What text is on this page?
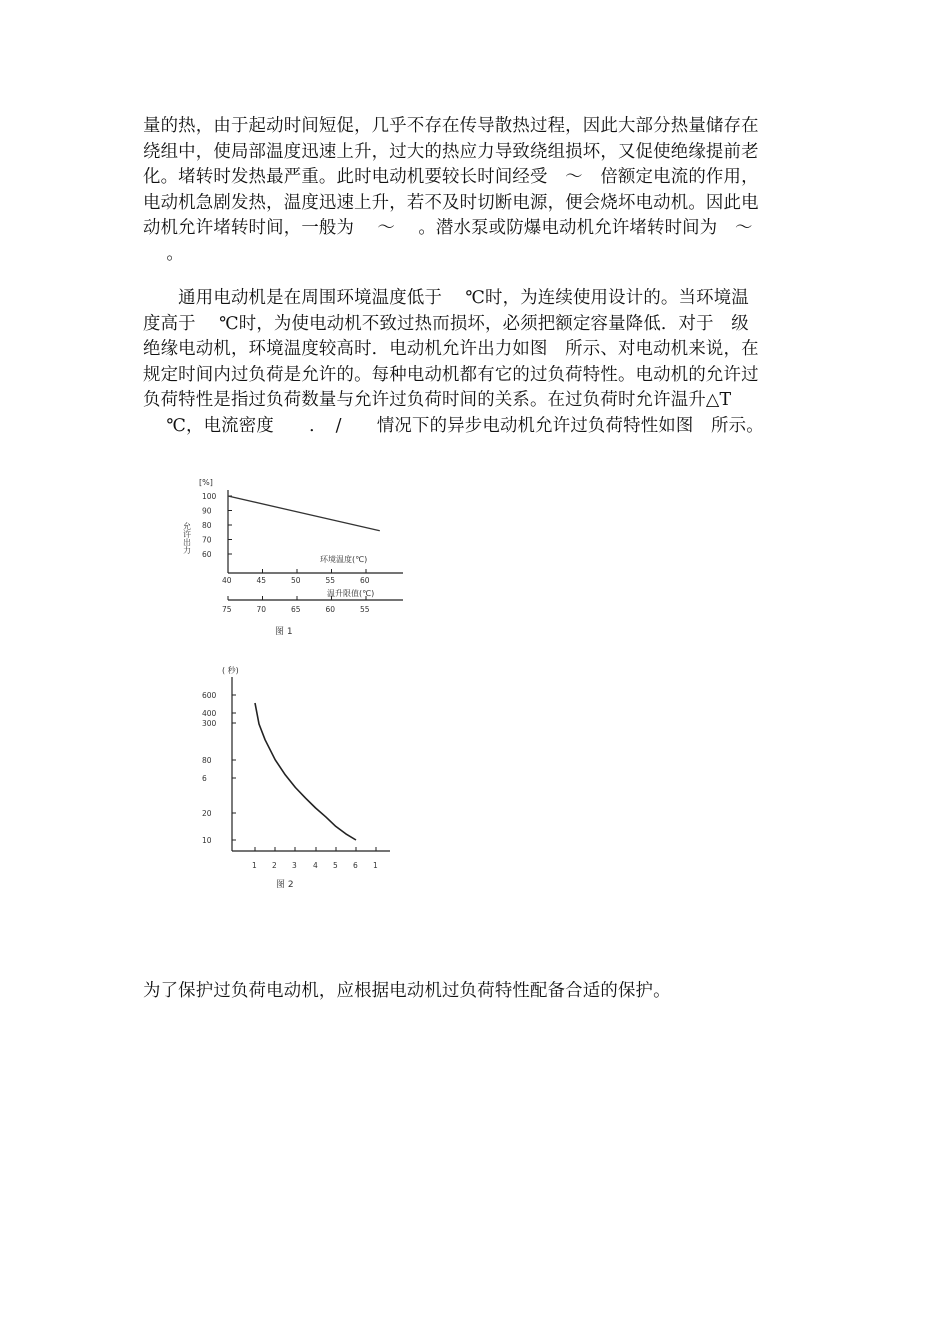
量的热，由于起动时间短促，几乎不存在传导散热过程，因此大部分热量储存在
绕组中，使局部温度迅速上升，过大的热应力导致绕组损坏，又促使绝缘提前老
化。堵转时发热最严重。此时电动机要较长时间经受　～　倍额定电流的作用，
电动机急剧发热，温度迅速上升，若不及时切断电源，便会烧坏电动机。因此电
动机允许堵转时间，一般为　 ～　 。潜水泵或防爆电动机允许堵转时间为　～
　 。
　　通用电动机是在周围环境温度低于　 ℃时，为连续使用设计的。当环境温
度高于　 ℃时，为使电动机不致过热而损坏，必须把额定容量降低．对于　级
绝缘电动机，环境温度较高时．电动机允许出力如图　所示、对电动机来说，在
规定时间内过负荷是允许的。每种电动机都有它的过负荷特性。电动机的允许过
负荷特性是指过负荷数量与允许过负荷时间的关系。在过负荷时允许温升△T
　 ℃，电流密度　　．　/　　情况下的异步电动机允许过负荷特性如图　所示。
[%]
允许出力
环境温度(℃)
温升限值(℃)
图 1
100
90
80
70
60
40	45	50	55	60
75	70	65	60	55
( 秒)
图 2
600
400
300
80
6
20
10
1 2 3 4 5 6 1
为了保护过负荷电动机，应根据电动机过负荷特性配备合适的保护。
